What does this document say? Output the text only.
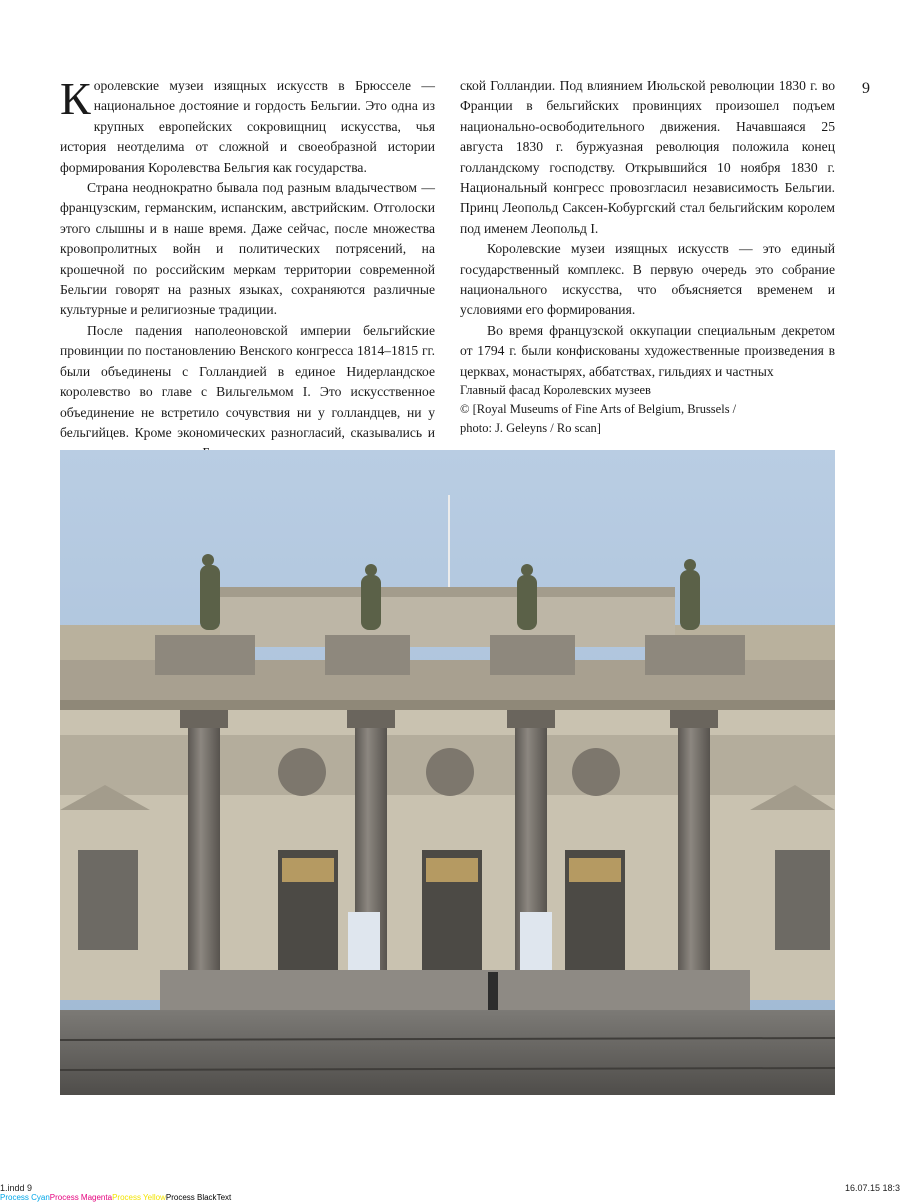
Королевские музеи изящных искусств в Брюсселе — национальное достояние и гордость Бельгии. Это одна из крупных европейских сокровищниц искусства, чья история неотделима от сложной и своеобразной истории формирования Королевства Бельгия как государства.

Страна неоднократно бывала под разным владычеством — французским, германским, испанским, австрийским. Отголоски этого слышны и в наше время. Даже сейчас, после множества кровопролитных войн и политических потрясений, на крошечной по российским меркам территории современной Бельгии говорят на разных языках, сохраняются различные культурные и религиозные традиции.

После падения наполеоновской империи бельгийские провинции по постановлению Венского конгресса 1814–1815 гг. были объединены с Голландией в единое Нидерландское королевство во главе с Вильгельмом I. Это искусственное объединение не встретило сочувствия ни у голландцев, ни у бельгийцев. Кроме экономических разногласий, сказывались и

ской Голландии. Под влиянием Июльской революции 1830 г. во Франции в бельгийских провинциях произошел подъем национально-освободительного движения. Начавшаяся 25 августа 1830 г. буржуазная революция положила конец голландскому господству. Открывшийся 10 ноября 1830 г. Национальный конгресс провозгласил независимость Бельгии. Принц Леопольд Саксен-Кобургский стал бельгийским королем под именем Леопольд I.

Королевские музеи изящных искусств — это единый государственный комплекс. В первую очередь это собрание национального искусства, что объясняется временем и условиями его формирования.

Во время французской оккупации специальным декретом от 1794 г. были конфискованы художественные произведения в церквах, монастырях, аббатствах, гильдиях и частных

9
Главный фасад Королевских музеев
© [Royal Museums of Fine Arts of Belgium, Brussels /
photo: J. Geleyns / Ro scan]
1.indd 9
Process CyanProcess MagentaProcess YellowProcess BlackText
16.07.15 18:3
